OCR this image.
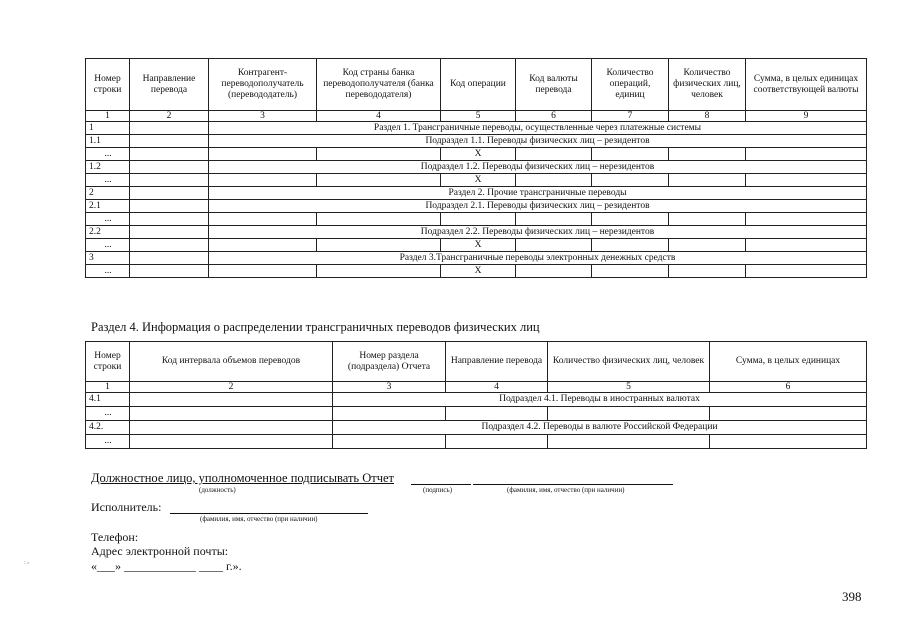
Номер строки	Направление перевода	Контрагент-переводополучатель (перевододатель)	Код страны банка переводополучателя (банка перевододателя)	Код операции	Код валюты перевода	Количество операций, единиц	Количество физических лиц, человек	Сумма, в целых единицах соответствующей валюты
1	2	3	4	5	6	7	8	9
1		Раздел 1. Трансграничные переводы, осуществленные через платежные системы						
1.1		Подраздел 1.1. Переводы физических лиц – резидентов						
...				X				
1.2		Подраздел 1.2. Переводы физических лиц – нерезидентов						
...				X				
2		Раздел 2. Прочие трансграничные переводы						
2.1		Подраздел 2.1. Переводы физических лиц – резидентов						
...								
2.2		Подраздел 2.2. Переводы физических лиц – нерезидентов						
...				X				
3		Раздел 3.Трансграничные переводы электронных денежных средств						
...				X				
Раздел 4. Информация о распределении трансграничных переводов физических лиц
Номер строки	Код интервала объемов переводов	Номер раздела (подраздела) Отчета	Направление перевода	Количество физических лиц, человек	Сумма, в целых единицах
1	2	3	4	5	6
4.1		Подраздел 4.1. Переводы в иностранных валютах			
...					
4.2.		Подраздел 4.2. Переводы в валюте Российской Федерации			
...					
Должностное лицо, уполномоченное подписывать Отчет
(должность)	(подпись)	(фамилия, имя, отчество (при наличии)
Исполнитель:
(фамилия, имя, отчество (при наличии)
Телефон:
Адрес электронной почты:
«___» ____________ ____ г.».
: ›
398
